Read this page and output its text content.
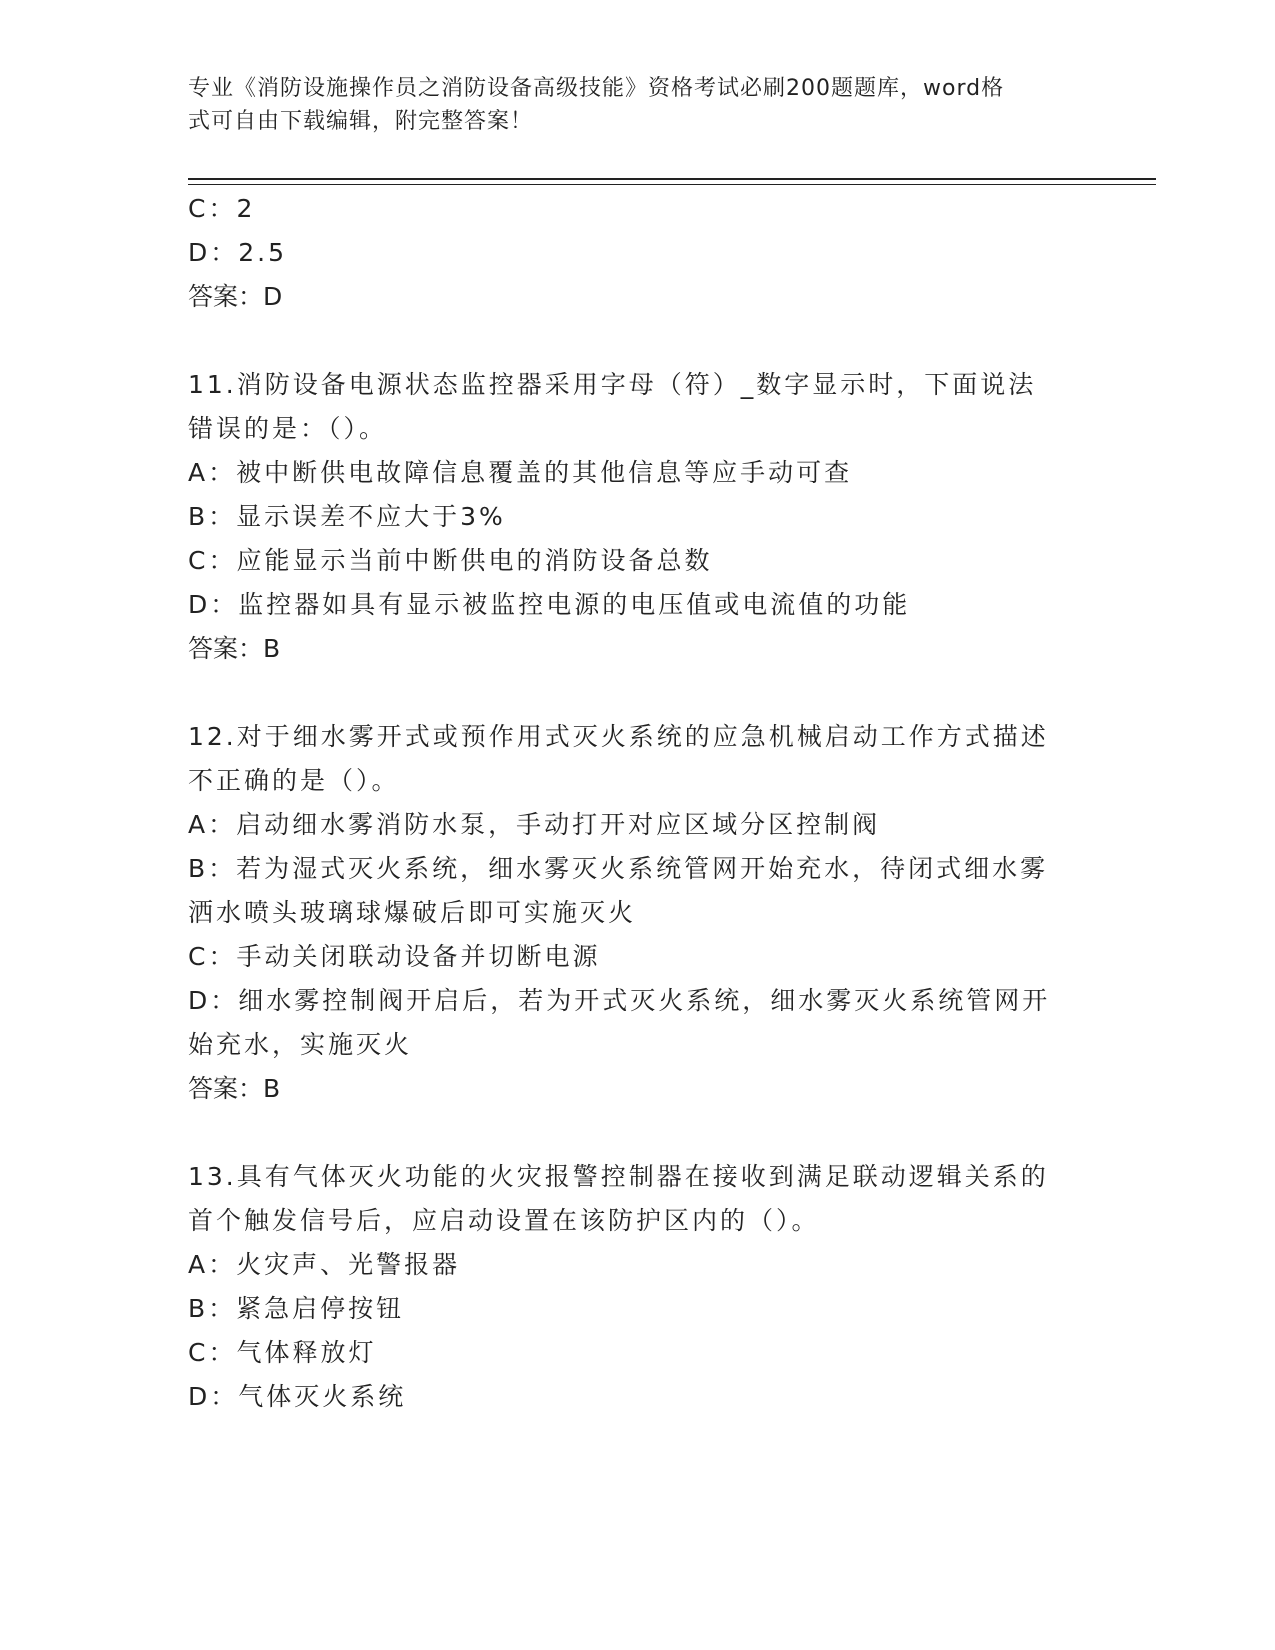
专业《消防设施操作员之消防设备高级技能》资格考试必刷200题题库，word格
式可自由下载编辑，附完整答案！
C：2
D：2.5
答案：D
11.消防设备电源状态监控器采用字母（符）_数字显示时，下面说法
错误的是：（）。
A：被中断供电故障信息覆盖的其他信息等应手动可查
B：显示误差不应大于3%
C：应能显示当前中断供电的消防设备总数
D：监控器如具有显示被监控电源的电压值或电流值的功能
答案：B
12.对于细水雾开式或预作用式灭火系统的应急机械启动工作方式描述
不正确的是（）。
A：启动细水雾消防水泵，手动打开对应区域分区控制阀
B：若为湿式灭火系统，细水雾灭火系统管网开始充水，待闭式细水雾
洒水喷头玻璃球爆破后即可实施灭火
C：手动关闭联动设备并切断电源
D：细水雾控制阀开启后，若为开式灭火系统，细水雾灭火系统管网开
始充水，实施灭火
答案：B
13.具有气体灭火功能的火灾报警控制器在接收到满足联动逻辑关系的
首个触发信号后，应启动设置在该防护区内的（）。
A：火灾声、光警报器
B：紧急启停按钮
C：气体释放灯
D：气体灭火系统
